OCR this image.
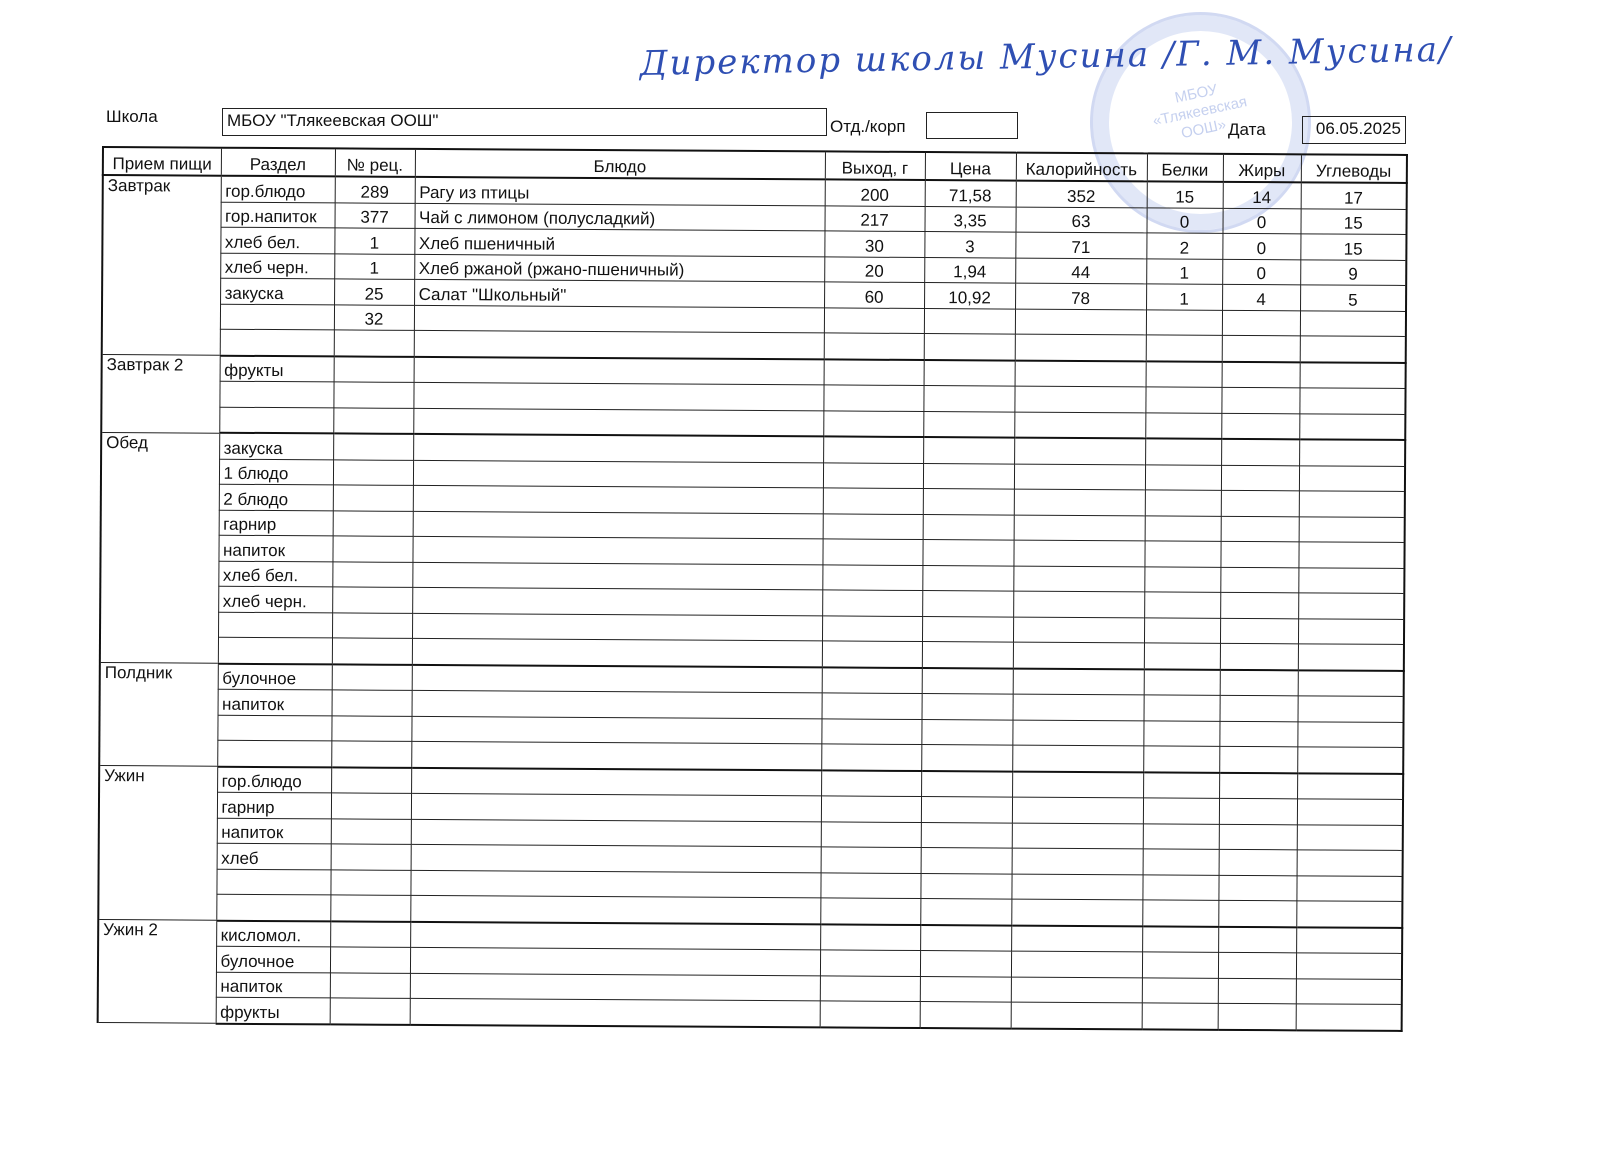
МБОУ «Тлякеевская ООШ»
Директор школы Мусина /Г. М. Мусина/
Школа	МБОУ "Тлякеевская ООШ"	Отд./корп	Дата	06.05.2025
Прием пищи	Раздел	№ рец.	Блюдо	Выход, г	Цена	Калорийность	Белки	Жиры	Углеводы
Завтрак	гор.блюдо	289	Рагу из птицы	200	71,58	352	15	14	17
	гор.напиток	377	Чай с лимоном (полусладкий)	217	3,35	63	0	0	15
	хлеб бел.	1	Хлеб пшеничный	30	3	71	2	0	15
	хлеб черн.	1	Хлеб ржаной (ржано-пшеничный)	20	1,94	44	1	0	9
	закуска	25	Салат "Школьный"	60	10,92	78	1	4	5
		32							

Завтрак 2	фрукты								

Обед	закуска								
	1 блюдо								
	2 блюдо								
	гарнир								
	напиток								
	хлеб бел.								
	хлеб черн.								

Полдник	булочное								
	напиток								

Ужин	гор.блюдо								
	гарнир								
	напиток								
	хлеб								

Ужин 2	кисломол.								
	булочное								
	напиток								
	фрукты								
